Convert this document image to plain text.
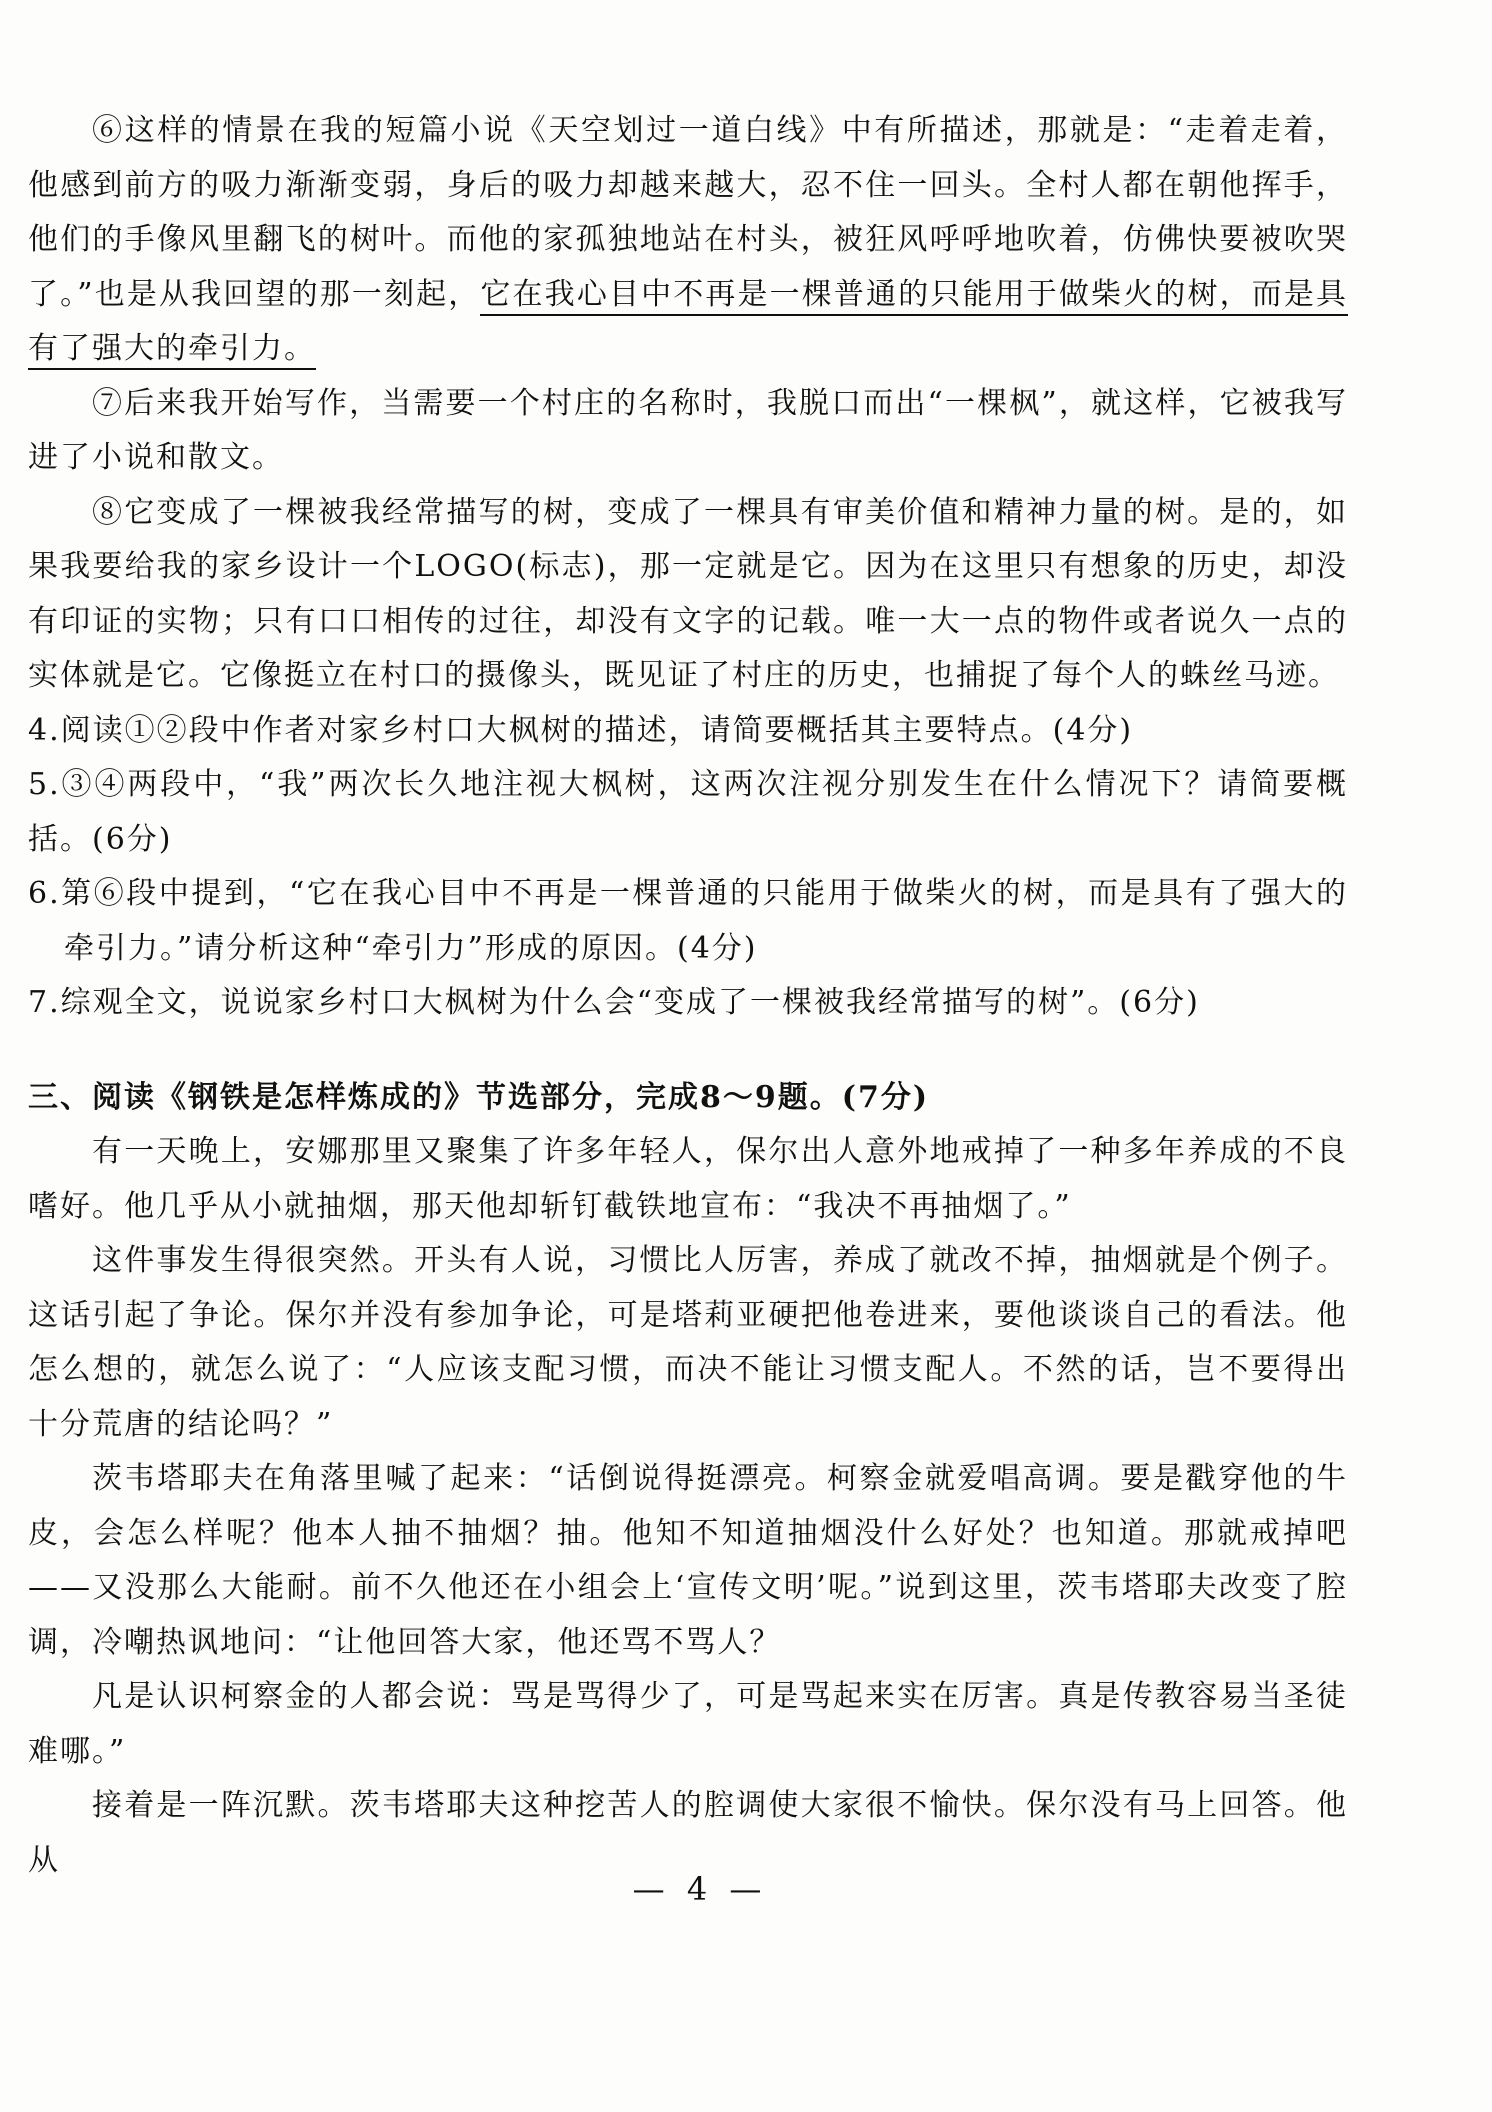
⑥这样的情景在我的短篇小说《天空划过一道白线》中有所描述，那就是：“走着走着，他感到前方的吸力渐渐变弱，身后的吸力却越来越大，忍不住一回头。全村人都在朝他挥手，他们的手像风里翻飞的树叶。而他的家孤独地站在村头，被狂风呼呼地吹着，仿佛快要被吹哭了。”也是从我回望的那一刻起，它在我心目中不再是一棵普通的只能用于做柴火的树，而是具有了强大的牵引力。

⑦后来我开始写作，当需要一个村庄的名称时，我脱口而出“一棵枫”，就这样，它被我写进了小说和散文。

⑧它变成了一棵被我经常描写的树，变成了一棵具有审美价值和精神力量的树。是的，如果我要给我的家乡设计一个LOGO(标志)，那一定就是它。因为在这里只有想象的历史，却没有印证的实物；只有口口相传的过往，却没有文字的记载。唯一大一点的物件或者说久一点的实体就是它。它像挺立在村口的摄像头，既见证了村庄的历史，也捕捉了每个人的蛛丝马迹。

4.阅读①②段中作者对家乡村口大枫树的描述，请简要概括其主要特点。(4分)

5.③④两段中，“我”两次长久地注视大枫树，这两次注视分别发生在什么情况下？请简要概括。(6分)

6.第⑥段中提到，“它在我心目中不再是一棵普通的只能用于做柴火的树，而是具有了强大的牵引力。”请分析这种“牵引力”形成的原因。(4分)

7.综观全文，说说家乡村口大枫树为什么会“变成了一棵被我经常描写的树”。(6分)

三、阅读《钢铁是怎样炼成的》节选部分，完成8～9题。(7分)

有一天晚上，安娜那里又聚集了许多年轻人，保尔出人意外地戒掉了一种多年养成的不良嗜好。他几乎从小就抽烟，那天他却斩钉截铁地宣布：“我决不再抽烟了。”

这件事发生得很突然。开头有人说，习惯比人厉害，养成了就改不掉，抽烟就是个例子。这话引起了争论。保尔并没有参加争论，可是塔莉亚硬把他卷进来，要他谈谈自己的看法。他怎么想的，就怎么说了：“人应该支配习惯，而决不能让习惯支配人。不然的话，岂不要得出十分荒唐的结论吗？”

茨韦塔耶夫在角落里喊了起来：“话倒说得挺漂亮。柯察金就爱唱高调。要是戳穿他的牛皮，会怎么样呢？他本人抽不抽烟？抽。他知不知道抽烟没什么好处？也知道。那就戒掉吧——又没那么大能耐。前不久他还在小组会上‘宣传文明’呢。”说到这里，茨韦塔耶夫改变了腔调，冷嘲热讽地问：“让他回答大家，他还骂不骂人？

凡是认识柯察金的人都会说：骂是骂得少了，可是骂起来实在厉害。真是传教容易当圣徒难哪。”

接着是一阵沉默。茨韦塔耶夫这种挖苦人的腔调使大家很不愉快。保尔没有马上回答。他从

— 4 —
